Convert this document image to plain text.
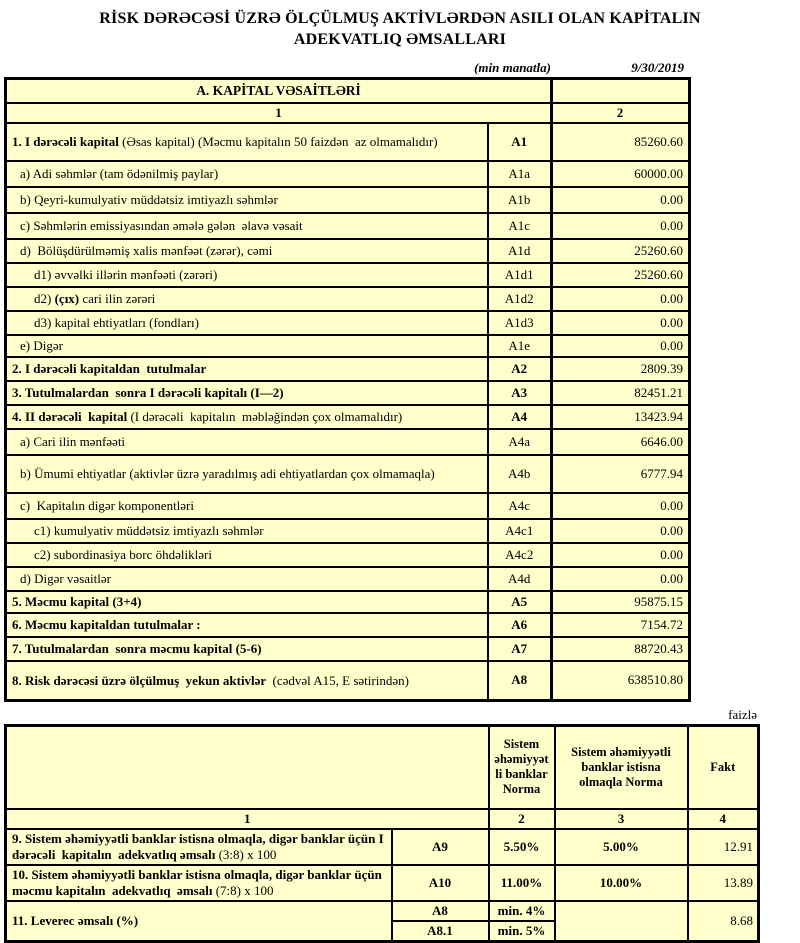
RİSK DƏRƏCƏSİ ÜZRƏ ÖLÇÜLMUŞ AKTİVLƏRDƏN ASILI OLAN KAPİTALIN
ADEKVATLIQ ƏMSALLARI
(min manatla)	9/30/2019
A. KAPİTAL VƏSAİTLƏRİ		
1		2
1. I dərəcəli kapital (Əsas kapital) (Məcmu kapitalın 50 faizdən  az olmamalıdır)	A1	85260.60
a) Adi səhmlər (tam ödənilmiş paylar)	A1a	60000.00
b) Qeyri-kumulyativ müddətsiz imtiyazlı səhmlər	A1b	0.00
c) Səhmlərin emissiyasından əmələ gələn  əlavə vəsait	A1c	0.00
d)  Bölüşdürülməmiş xalis mənfəət (zərər), cəmi	A1d	25260.60
d1) əvvəlki illərin mənfəəti (zərəri)	A1d1	25260.60
d2) (çıx) cari ilin zərəri	A1d2	0.00
d3) kapital ehtiyatları (fondları)	A1d3	0.00
e) Digər	A1e	0.00
2. I dərəcəli kapitaldan  tutulmalar	A2	2809.39
3. Tutulmalardan  sonra I dərəcəli kapitalı (I—2)	A3	82451.21
4. II dərəcəli  kapital (I dərəcəli  kapitalın  məbləğindən çox olmamalıdır)	A4	13423.94
a) Cari ilin mənfəəti	A4a	6646.00
b) Ümumi ehtiyatlar (aktivlər üzrə yaradılmış adi ehtiyatlardan çox olmamaqla)	A4b	6777.94
c)  Kapitalın digər komponentləri	A4c	0.00
c1) kumulyativ müddətsiz imtiyazlı səhmlər	A4c1	0.00
c2) subordinasiya borc öhdəlikləri	A4c2	0.00
d) Digər vəsaitlər	A4d	0.00
5. Məcmu kapital (3+4)	A5	95875.15
6. Məcmu kapitaldan tutulmalar :	A6	7154.72
7. Tutulmalardan  sonra məcmu kapital (5-6)	A7	88720.43
8. Risk dərəcəsi üzrə ölçülmuş  yekun aktivlər  (cədvəl A15, E sətirindən)	A8	638510.80
faizlə
		Sistem əhəmiyyət li banklar Norma	Sistem əhəmiyyətli banklar istisna olmaqla Norma	Fakt
1		2	3	4
9. Sistem əhəmiyyətli banklar istisna olmaqla, digər banklar üçün I dərəcəli  kapitalın  adekvatlıq əmsalı (3:8) x 100	A9	5.50%	5.00%	12.91
10. Sistem əhəmiyyətli banklar istisna olmaqla, digər banklar üçün məcmu kapitalın  adekvatlıq  əmsalı (7:8) x 100	A10	11.00%	10.00%	13.89
11. Leverec əmsalı (%)	A8	min. 4%		8.68
	A8.1	min. 5%		
